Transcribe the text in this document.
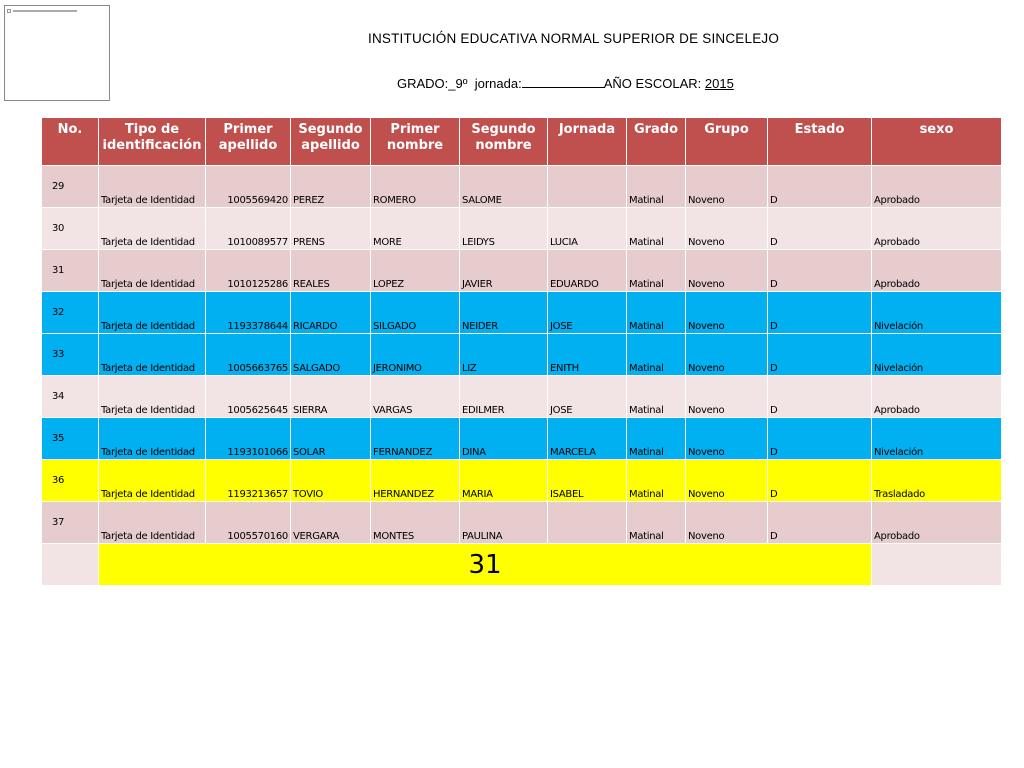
INSTITUCIÓN EDUCATIVA NORMAL SUPERIOR DE SINCELEJO
GRADO:_9º jornada:	AÑO ESCOLAR: 2015
No.	Tipo de identificación	Primer apellido	Segundo apellido	Primer nombre	Segundo nombre	Jornada	Grado	Grupo	Estado	sexo
29	Tarjeta de Identidad	1005569420	PEREZ	ROMERO	SALOME		Matinal	Noveno	D	Aprobado
30	Tarjeta de Identidad	1010089577	PRENS	MORE	LEIDYS	LUCIA	Matinal	Noveno	D	Aprobado
31	Tarjeta de Identidad	1010125286	REALES	LOPEZ	JAVIER	EDUARDO	Matinal	Noveno	D	Aprobado
32	Tarjeta de Identidad	1193378644	RICARDO	SILGADO	NEIDER	JOSE	Matinal	Noveno	D	Nivelación
33	Tarjeta de Identidad	1005663765	SALGADO	JERONIMO	LIZ	ENITH	Matinal	Noveno	D	Nivelación
34	Tarjeta de Identidad	1005625645	SIERRA	VARGAS	EDILMER	JOSE	Matinal	Noveno	D	Aprobado
35	Tarjeta de Identidad	1193101066	SOLAR	FERNANDEZ	DINA	MARCELA	Matinal	Noveno	D	Nivelación
36	Tarjeta de Identidad	1193213657	TOVIO	HERNANDEZ	MARIA	ISABEL	Matinal	Noveno	D	Trasladado
37	Tarjeta de Identidad	1005570160	VERGARA	MONTES	PAULINA		Matinal	Noveno	D	Aprobado
	31									
